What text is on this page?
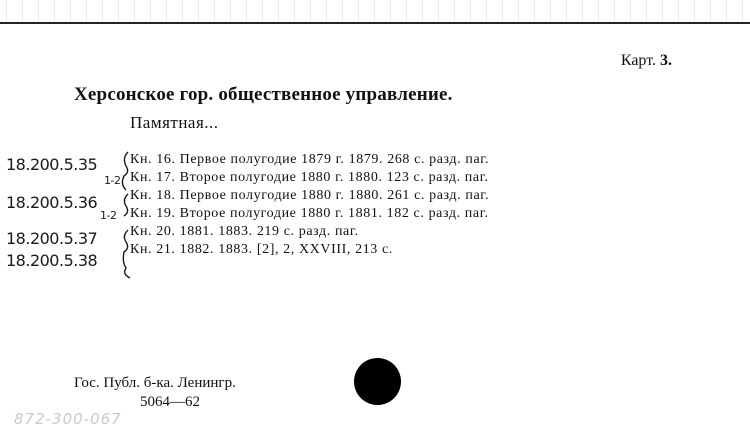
Карт. 3.
Херсонское гор. общественное управление.
Памятная...
18.200.5.35
1-2
18.200.5.36
1-2
18.200.5.37
18.200.5.38
Кн. 16. Первое полугодие 1879 г. 1879. 268 с. разд. паг.
Кн. 17. Второе полугодие 1880 г. 1880. 123 с. разд. паг.
Кн. 18. Первое полугодие 1880 г. 1880. 261 с. разд. паг.
Кн. 19. Второе полугодие 1880 г. 1881. 182 с. разд. паг.
Кн. 20. 1881. 1883. 219 с. разд. паг.
Кн. 21. 1882. 1883. [2], 2, XXVIII, 213 с.
Гос. Публ. б-ка. Ленингр.
5064—62
872-300-067
